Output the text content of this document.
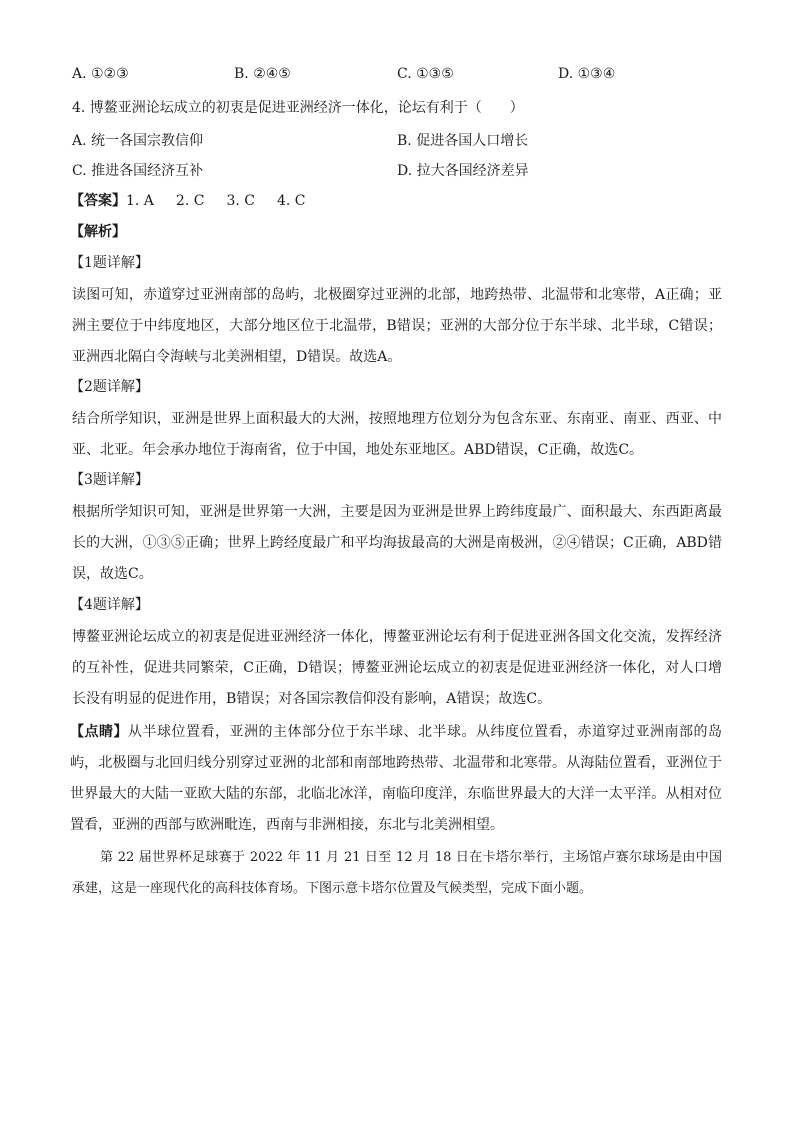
A. ①②③	B. ②④⑤	C. ①③⑤	D. ①③④
4. 博鳌亚洲论坛成立的初衷是促进亚洲经济一体化，论坛有利于（　　）
A. 统一各国宗教信仰	B. 促进各国人口增长
C. 推进各国经济互补	D. 拉大各国经济差异
【答案】1. A 2. C 3. C 4. C
【解析】
【1题详解】
读图可知，赤道穿过亚洲南部的岛屿，北极圈穿过亚洲的北部，地跨热带、北温带和北寒带，A正确；亚
洲主要位于中纬度地区，大部分地区位于北温带，B错误；亚洲的大部分位于东半球、北半球，C错误；
亚洲西北隔白令海峡与北美洲相望，D错误。故选A。
【2题详解】
结合所学知识，亚洲是世界上面积最大的大洲，按照地理方位划分为包含东亚、东南亚、南亚、西亚、中
亚、北亚。年会承办地位于海南省，位于中国，地处东亚地区。ABD错误，C正确，故选C。
【3题详解】
根据所学知识可知，亚洲是世界第一大洲，主要是因为亚洲是世界上跨纬度最广、面积最大、东西距离最
长的大洲，①③⑤正确；世界上跨经度最广和平均海拔最高的大洲是南极洲，②④错误；C正确，ABD错
误，故选C。
【4题详解】
博鳌亚洲论坛成立的初衷是促进亚洲经济一体化，博鳌亚洲论坛有利于促进亚洲各国文化交流，发挥经济
的互补性，促进共同繁荣，C正确，D错误；博鳌亚洲论坛成立的初衷是促进亚洲经济一体化，对人口增
长没有明显的促进作用，B错误；对各国宗教信仰没有影响，A错误；故选C。
【点睛】从半球位置看，亚洲的主体部分位于东半球、北半球。从纬度位置看，赤道穿过亚洲南部的岛
屿，北极圈与北回归线分别穿过亚洲的北部和南部地跨热带、北温带和北寒带。从海陆位置看，亚洲位于
世界最大的大陆一亚欧大陆的东部，北临北冰洋，南临印度洋，东临世界最大的大洋一太平洋。从相对位
置看，亚洲的西部与欧洲毗连，西南与非洲相接，东北与北美洲相望。
第 22 届世界杯足球赛于 2022 年 11 月 21 日至 12 月 18 日在卡塔尔举行，主场馆卢赛尔球场是由中国
承建，这是一座现代化的高科技体育场。下图示意卡塔尔位置及气候类型，完成下面小题。
